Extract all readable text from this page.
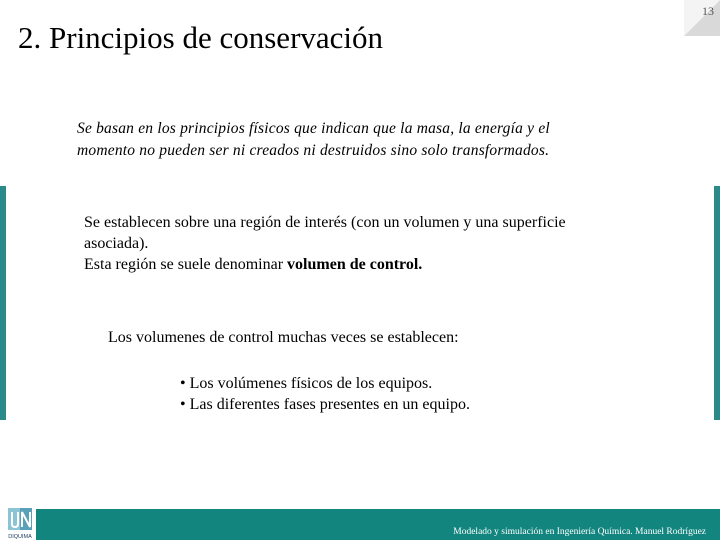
13
2. Principios de conservación
Se basan en los principios físicos que indican que la masa, la energía y el momento no pueden ser ni creados ni destruidos sino solo transformados.
Se establecen sobre una región de interés (con un volumen y una superficie asociada).
Esta región se suele denominar volumen de control.
Los volumenes de control muchas veces se establecen:
• Los volúmenes físicos de los equipos.
• Las diferentes fases presentes en un equipo.
DIQUIMA	Modelado y simulación en Ingeniería Química. Manuel Rodríguez
